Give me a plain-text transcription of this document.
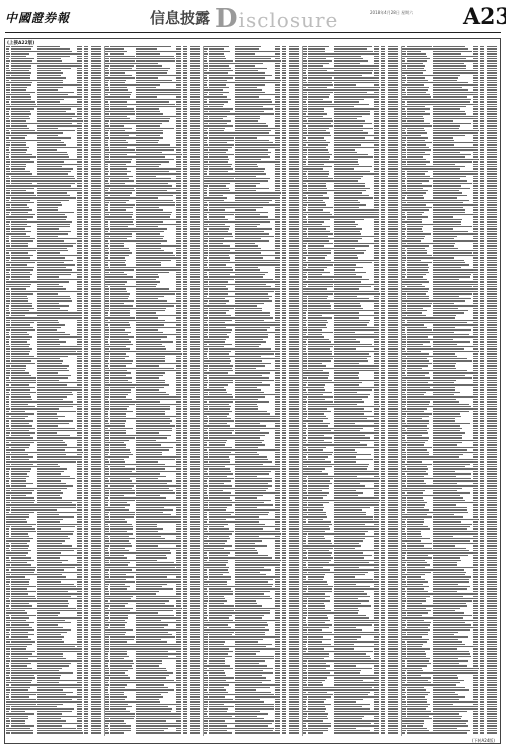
中國證券報	信息披露 Disclosure	2018年4月28日 星期六 A23
(上接A22版)
(下转A24版)
